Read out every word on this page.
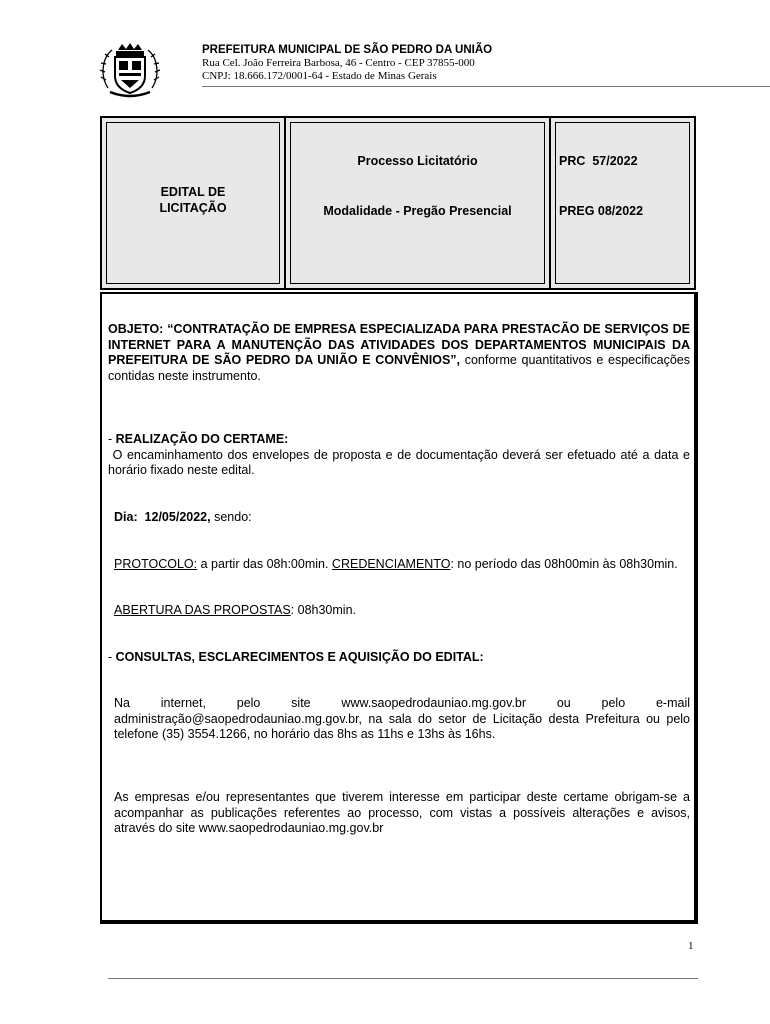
PREFEITURA MUNICIPAL DE SÃO PEDRO DA UNIÃO
Rua Cel. João Ferreira Barbosa, 46 - Centro - CEP 37855-000
CNPJ: 18.666.172/0001-64 - Estado de Minas Gerais
EDITAL DE
LICITAÇÃO
Processo Licitatório
Modalidade - Pregão Presencial
PRC  57/2022
PREG 08/2022
OBJETO: “CONTRATAÇÃO DE EMPRESA ESPECIALIZADA PARA PRESTACÃO DE SERVIÇOS DE INTERNET PARA A MANUTENÇÃO DAS ATIVIDADES DOS DEPARTAMENTOS MUNICIPAIS DA PREFEITURA DE SÃO PEDRO DA UNIÃO E CONVÊNIOS”, conforme quantitativos e especificações contidas neste instrumento.
- REALIZAÇÃO DO CERTAME:
O encaminhamento dos envelopes de proposta e de documentação deverá ser efetuado até a data e horário fixado neste edital.
Dia:  12/05/2022, sendo:
PROTOCOLO: a partir das 08h:00min. CREDENCIAMENTO: no período das 08h00min às 08h30min.
ABERTURA DAS PROPOSTAS: 08h30min.
- CONSULTAS, ESCLARECIMENTOS E AQUISIÇÃO DO EDITAL:
Na internet, pelo site www.saopedrodauniao.mg.gov.br ou pelo e-mail administração@saopedrodauniao.mg.gov.br, na sala do setor de Licitação desta Prefeitura ou pelo telefone (35) 3554.1266, no horário das 8hs as 11hs e 13hs às 16hs.
As empresas e/ou representantes que tiverem interesse em participar deste certame obrigam-se a acompanhar as publicações referentes ao processo, com vistas a possíveis alterações e avisos, através do site www.saopedrodauniao.mg.gov.br
1
